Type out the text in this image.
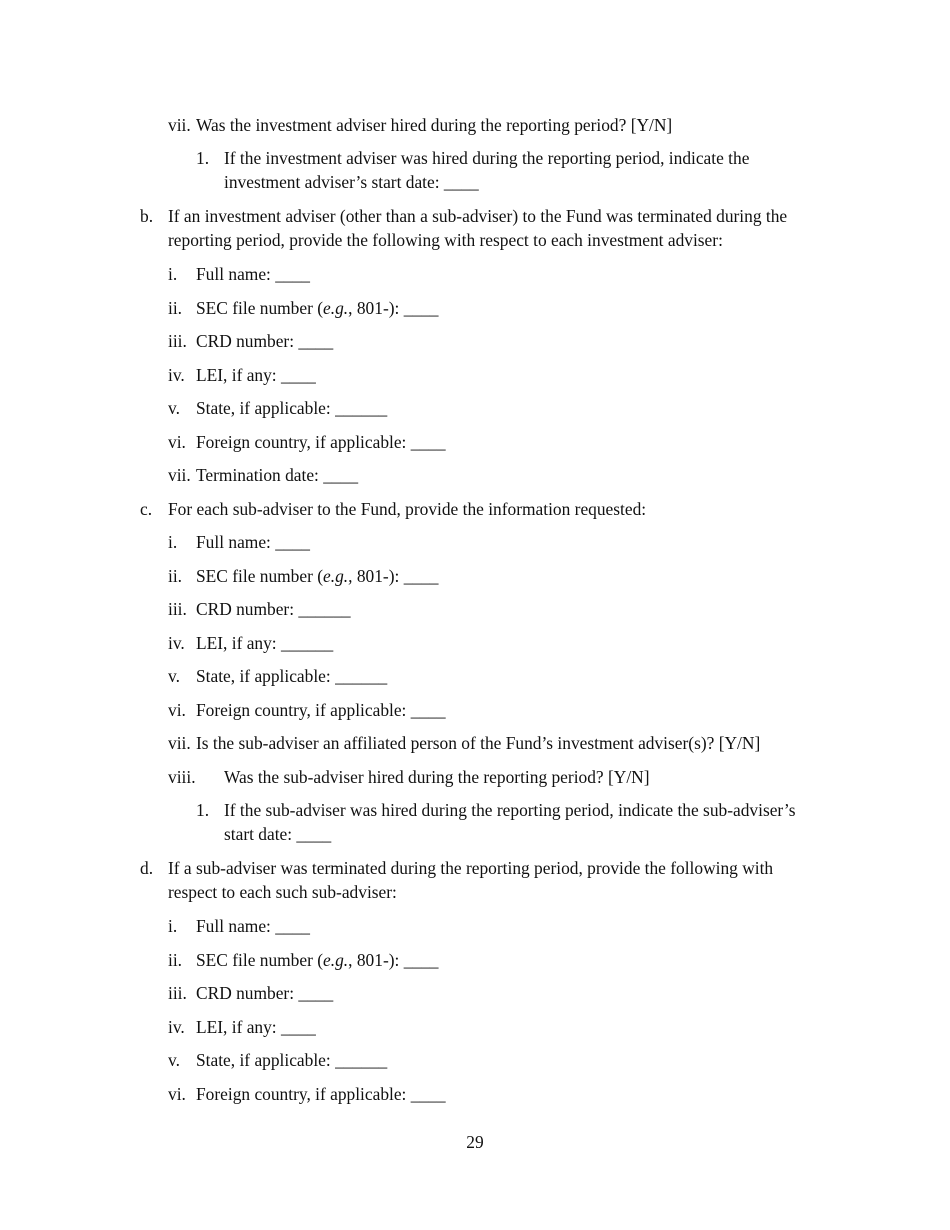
vii. Was the investment adviser hired during the reporting period? [Y/N]
1. If the investment adviser was hired during the reporting period, indicate the
investment adviser’s start date: ____
b. If an investment adviser (other than a sub-adviser) to the Fund was terminated during the
reporting period, provide the following with respect to each investment adviser:
i. Full name: ____
ii. SEC file number (e.g., 801-): ____
iii. CRD number: ____
iv. LEI, if any: ____
v. State, if applicable: ______
vi. Foreign country, if applicable: ____
vii. Termination date: ____
c. For each sub-adviser to the Fund, provide the information requested:
i. Full name: ____
ii. SEC file number (e.g., 801-): ____
iii. CRD number: ______
iv. LEI, if any: ______
v. State, if applicable: ______
vi. Foreign country, if applicable: ____
vii. Is the sub-adviser an affiliated person of the Fund’s investment adviser(s)? [Y/N]
viii. Was the sub-adviser hired during the reporting period? [Y/N]
1. If the sub-adviser was hired during the reporting period, indicate the sub-adviser’s
start date: ____
d. If a sub-adviser was terminated during the reporting period, provide the following with
respect to each such sub-adviser:
i. Full name: ____
ii. SEC file number (e.g., 801-): ____
iii. CRD number: ____
iv. LEI, if any: ____
v. State, if applicable: ______
vi. Foreign country, if applicable: ____
29
